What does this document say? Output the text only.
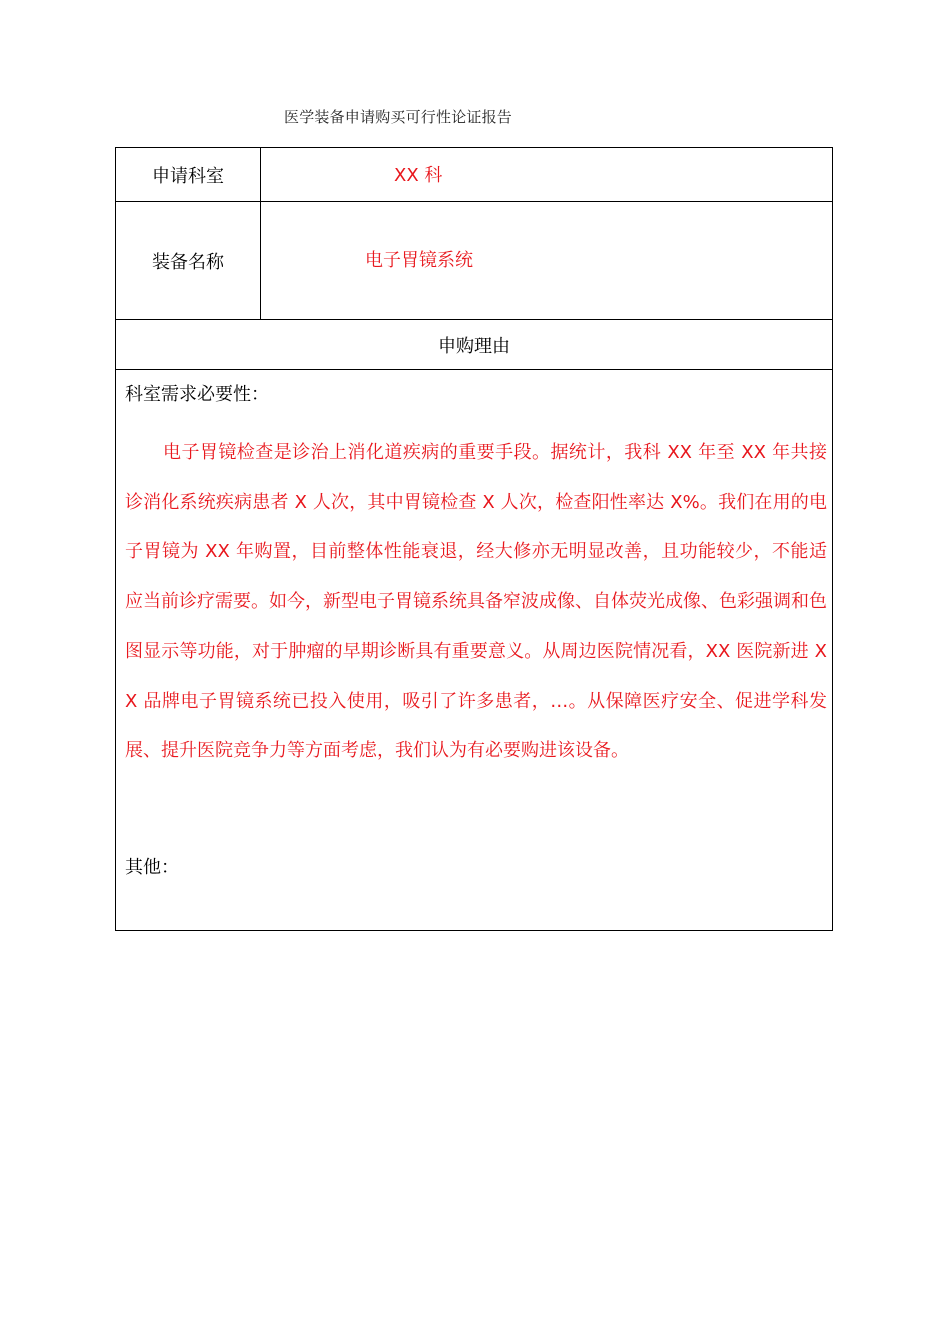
医学装备申请购买可行性论证报告
申请科室	XX 科
装备名称	电子胃镜系统
申购理由
科室需求必要性：

电子胃镜检查是诊治上消化道疾病的重要手段。据统计，我科 XX 年至 XX 年共接诊消化系统疾病患者 X 人次，其中胃镜检查 X 人次，检查阳性率达 X%。我们在用的电子胃镜为 XX 年购置，目前整体性能衰退，经大修亦无明显改善，且功能较少，不能适应当前诊疗需要。如今，新型电子胃镜系统具备窄波成像、自体荧光成像、色彩强调和色图显示等功能，对于肿瘤的早期诊断具有重要意义。从周边医院情况看，XX 医院新进 XX 品牌电子胃镜系统已投入使用，吸引了许多患者，…。从保障医疗安全、促进学科发展、提升医院竞争力等方面考虑，我们认为有必要购进该设备。

其他：
